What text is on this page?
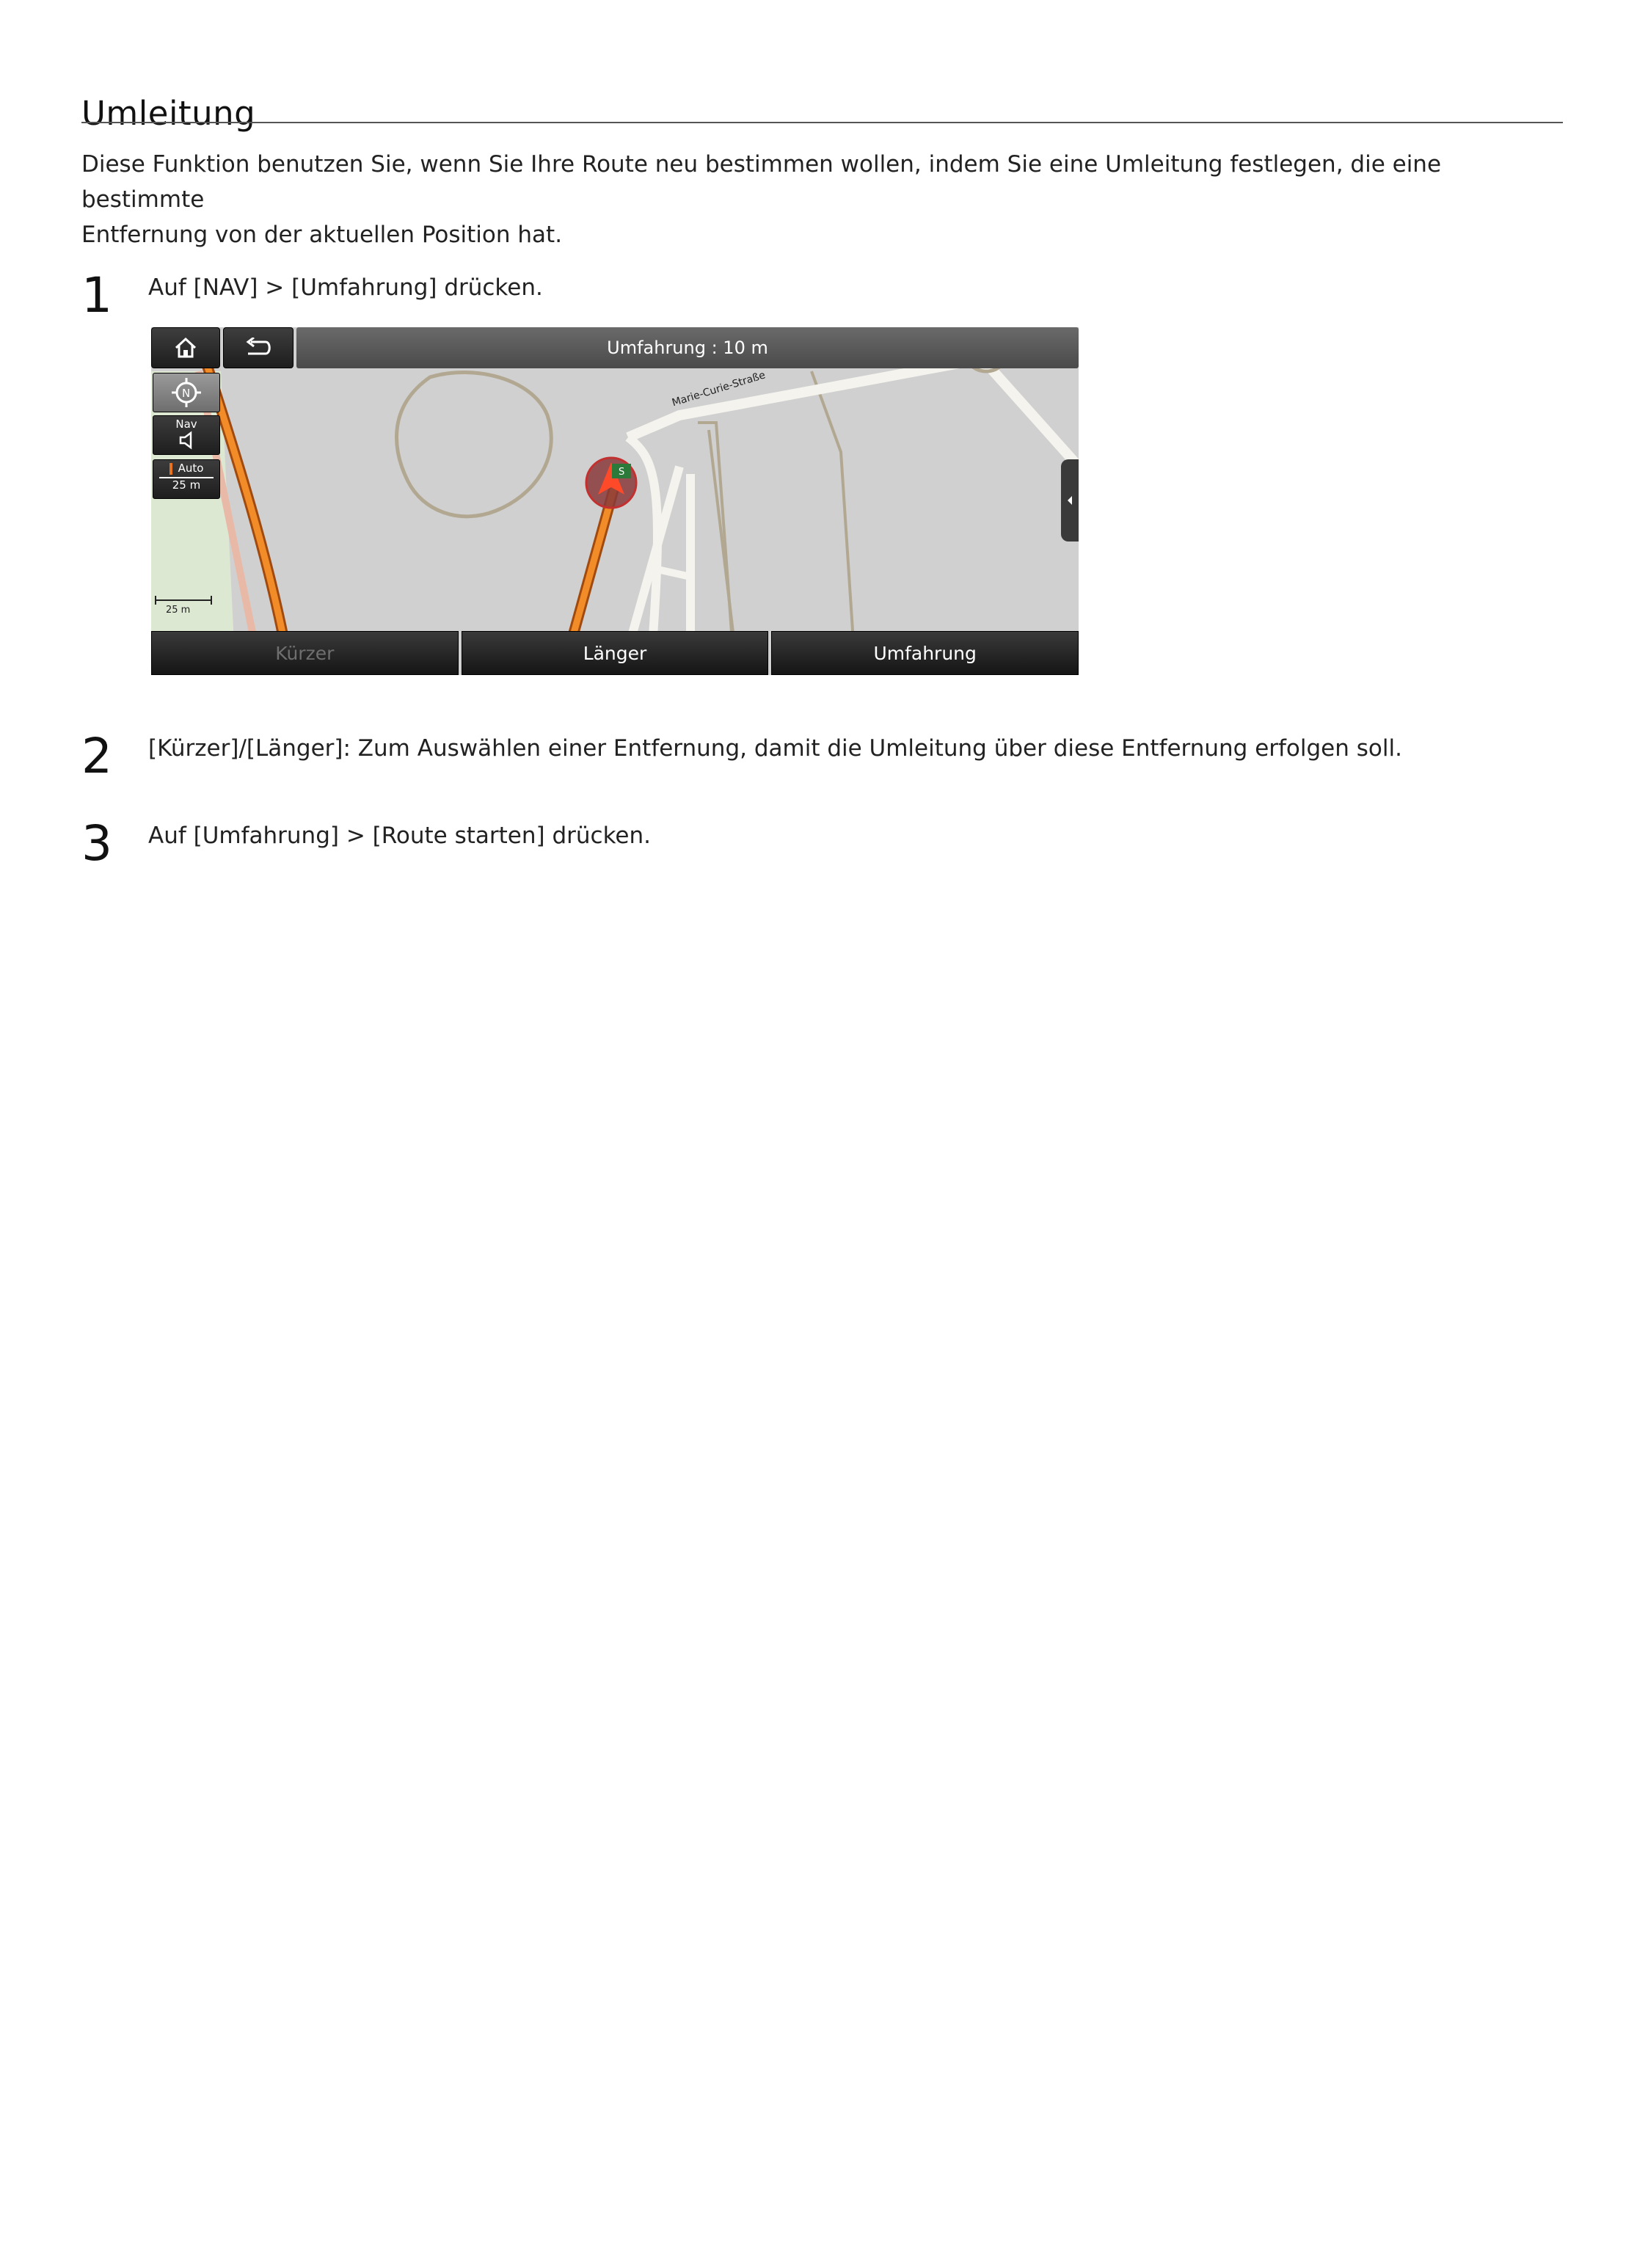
Umleitung

Diese Funktion benutzen Sie, wenn Sie Ihre Route neu bestimmen wollen, indem Sie eine Umleitung festlegen, die eine bestimmte

Entfernung von der aktuellen Position hat.

1 Auf [NAV] > [Umfahrung] drücken.
S
Marie-Curie-Straße
25 m
Umfahrung : 10 m
N
Nav
Auto
25 m
Kürzer	Länger	Umfahrung
2 [Kürzer]/[Länger]: Zum Auswählen einer Entfernung, damit die Umleitung über diese Entfernung erfolgen soll.
3 Auf [Umfahrung] > [Route starten] drücken.
